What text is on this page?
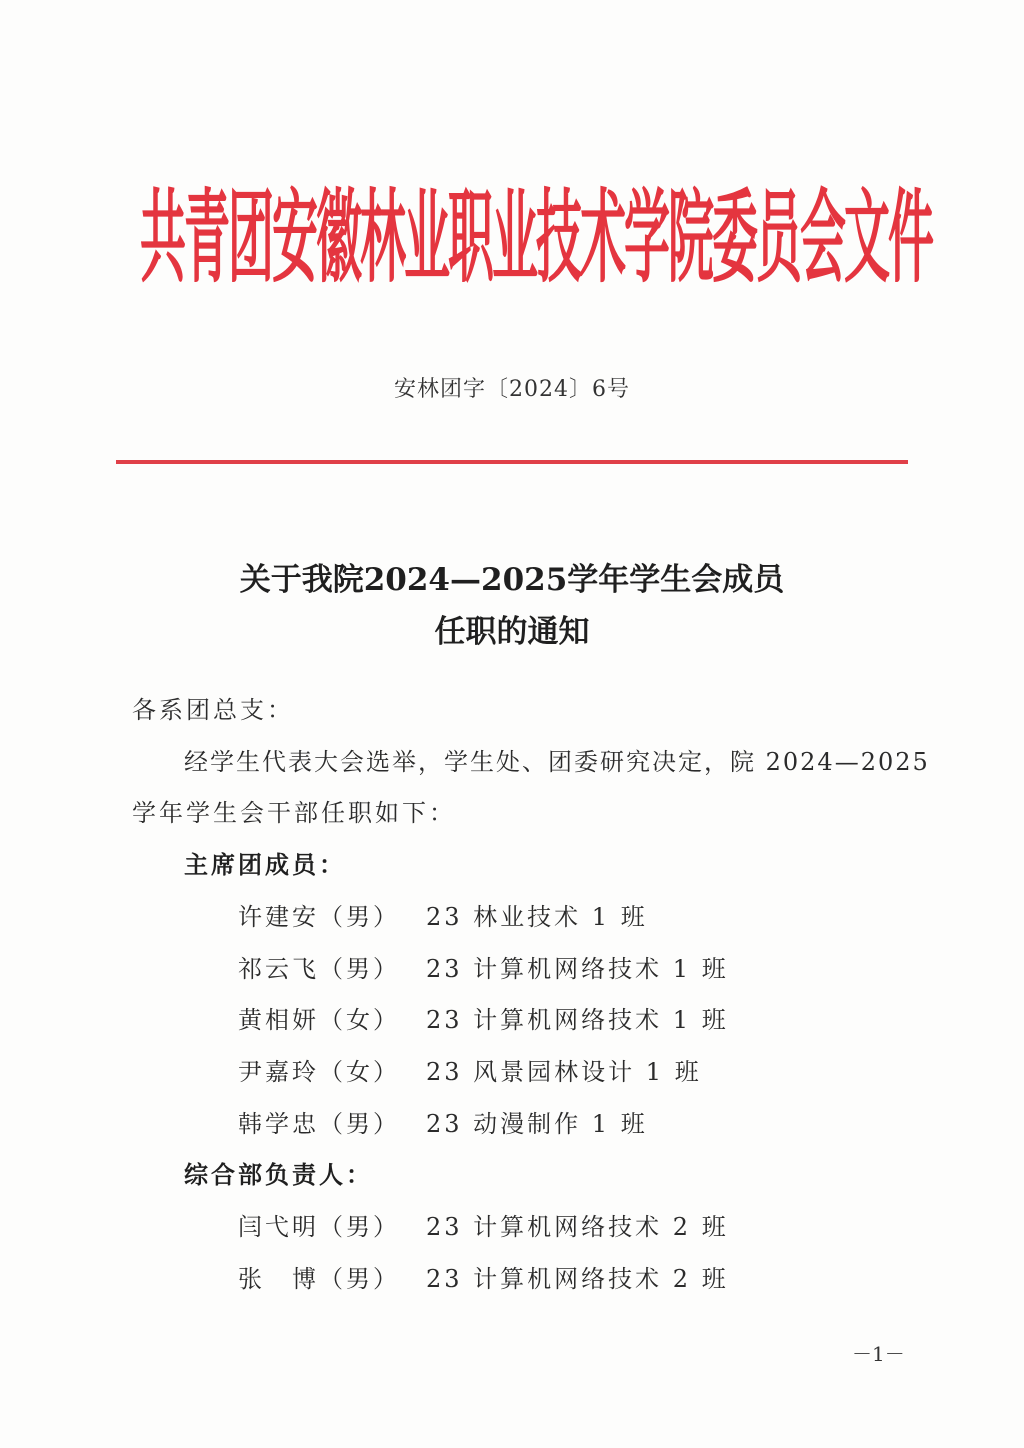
共青团安徽林业职业技术学院委员会文件
安林团字〔2024〕6号
关于我院2024—2025学年学生会成员
任职的通知
各系团总支：
经学生代表大会选举，学生处、团委研究决定，院 2024—2025
学年学生会干部任职如下：
主席团成员：
许建安（男） 23 林业技术 1 班
祁云飞（男） 23 计算机网络技术 1 班
黄相妍（女） 23 计算机网络技术 1 班
尹嘉玲（女） 23 风景园林设计 1 班
韩学忠（男） 23 动漫制作 1 班
综合部负责人：
闫弋明（男） 23 计算机网络技术 2 班
张　博（男） 23 计算机网络技术 2 班
－1－
